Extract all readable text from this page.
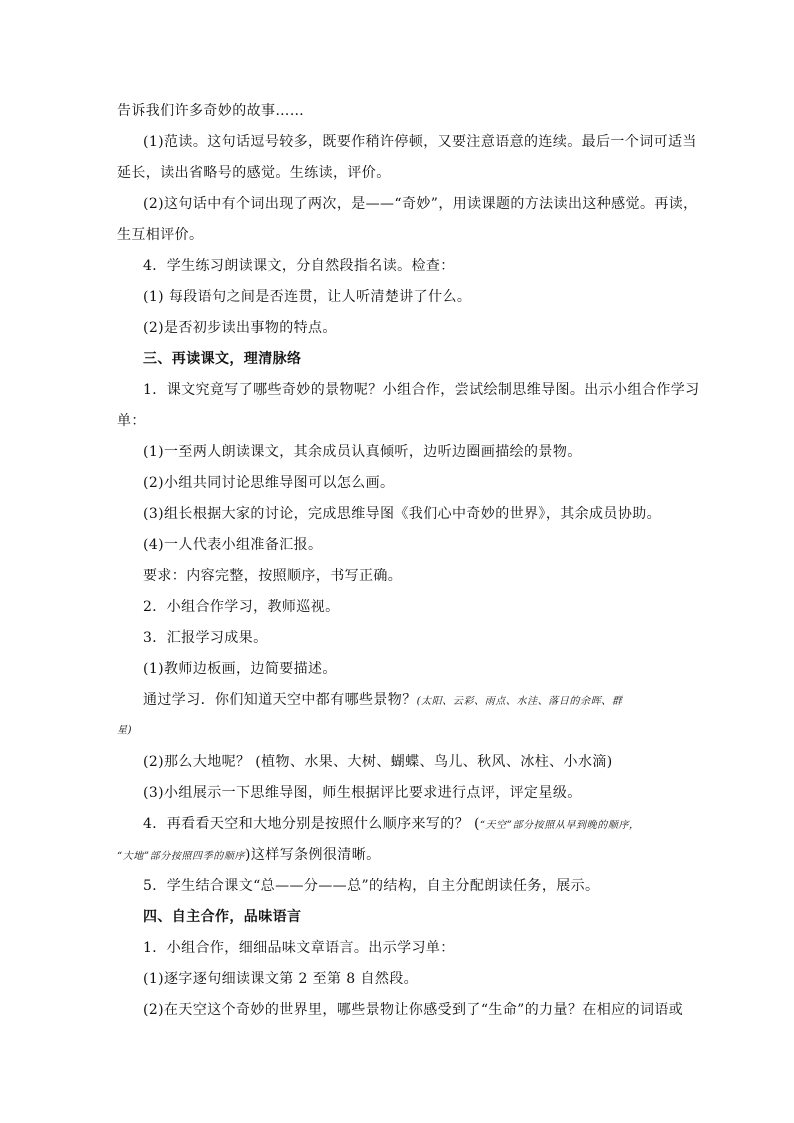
告诉我们许多奇妙的故事……
(1)范读。这句话逗号较多，既要作稍许停顿，又要注意语意的连续。最后一个词可适当
延长，读出省略号的感觉。生练读，评价。
(2)这句话中有个词出现了两次，是——“奇妙”，用读课题的方法读出这种感觉。再读，
生互相评价。
4．学生练习朗读课文，分自然段指名读。检查：
(1) 每段语句之间是否连贯，让人听清楚讲了什么。
(2)是否初步读出事物的特点。
三、再读课文，理清脉络
1．课文究竟写了哪些奇妙的景物呢？小组合作，尝试绘制思维导图。出示小组合作学习
单：
(1)一至两人朗读课文，其余成员认真倾听，边听边圈画描绘的景物。
(2)小组共同讨论思维导图可以怎么画。
(3)组长根据大家的讨论，完成思维导图《我们心中奇妙的世界》，其余成员协助。
(4)一人代表小组准备汇报。
要求：内容完整，按照顺序，书写正确。
2．小组合作学习，教师巡视。
3．汇报学习成果。
(1)教师边板画，边简要描述。
通过学习．你们知道天空中都有哪些景物？(太阳、云彩、雨点、水洼、落日的余晖、群
星)
(2)那么大地呢？ (植物、水果、大树、蝴蝶、鸟儿、秋风、冰柱、小水滴)
(3)小组展示一下思维导图，师生根据评比要求进行点评，评定星级。
4．再看看天空和大地分别是按照什么顺序来写的？ (“天空”部分按照从早到晚的顺序，
“大地”部分按照四季的顺序)这样写条例很清晰。
5．学生结合课文“总——分——总”的结构，自主分配朗读任务，展示。
四、自主合作，品味语言
1．小组合作，细细品味文章语言。出示学习单：
(1)逐字逐句细读课文第 2 至第 8 自然段。
(2)在天空这个奇妙的世界里，哪些景物让你感受到了“生命”的力量？在相应的词语或
